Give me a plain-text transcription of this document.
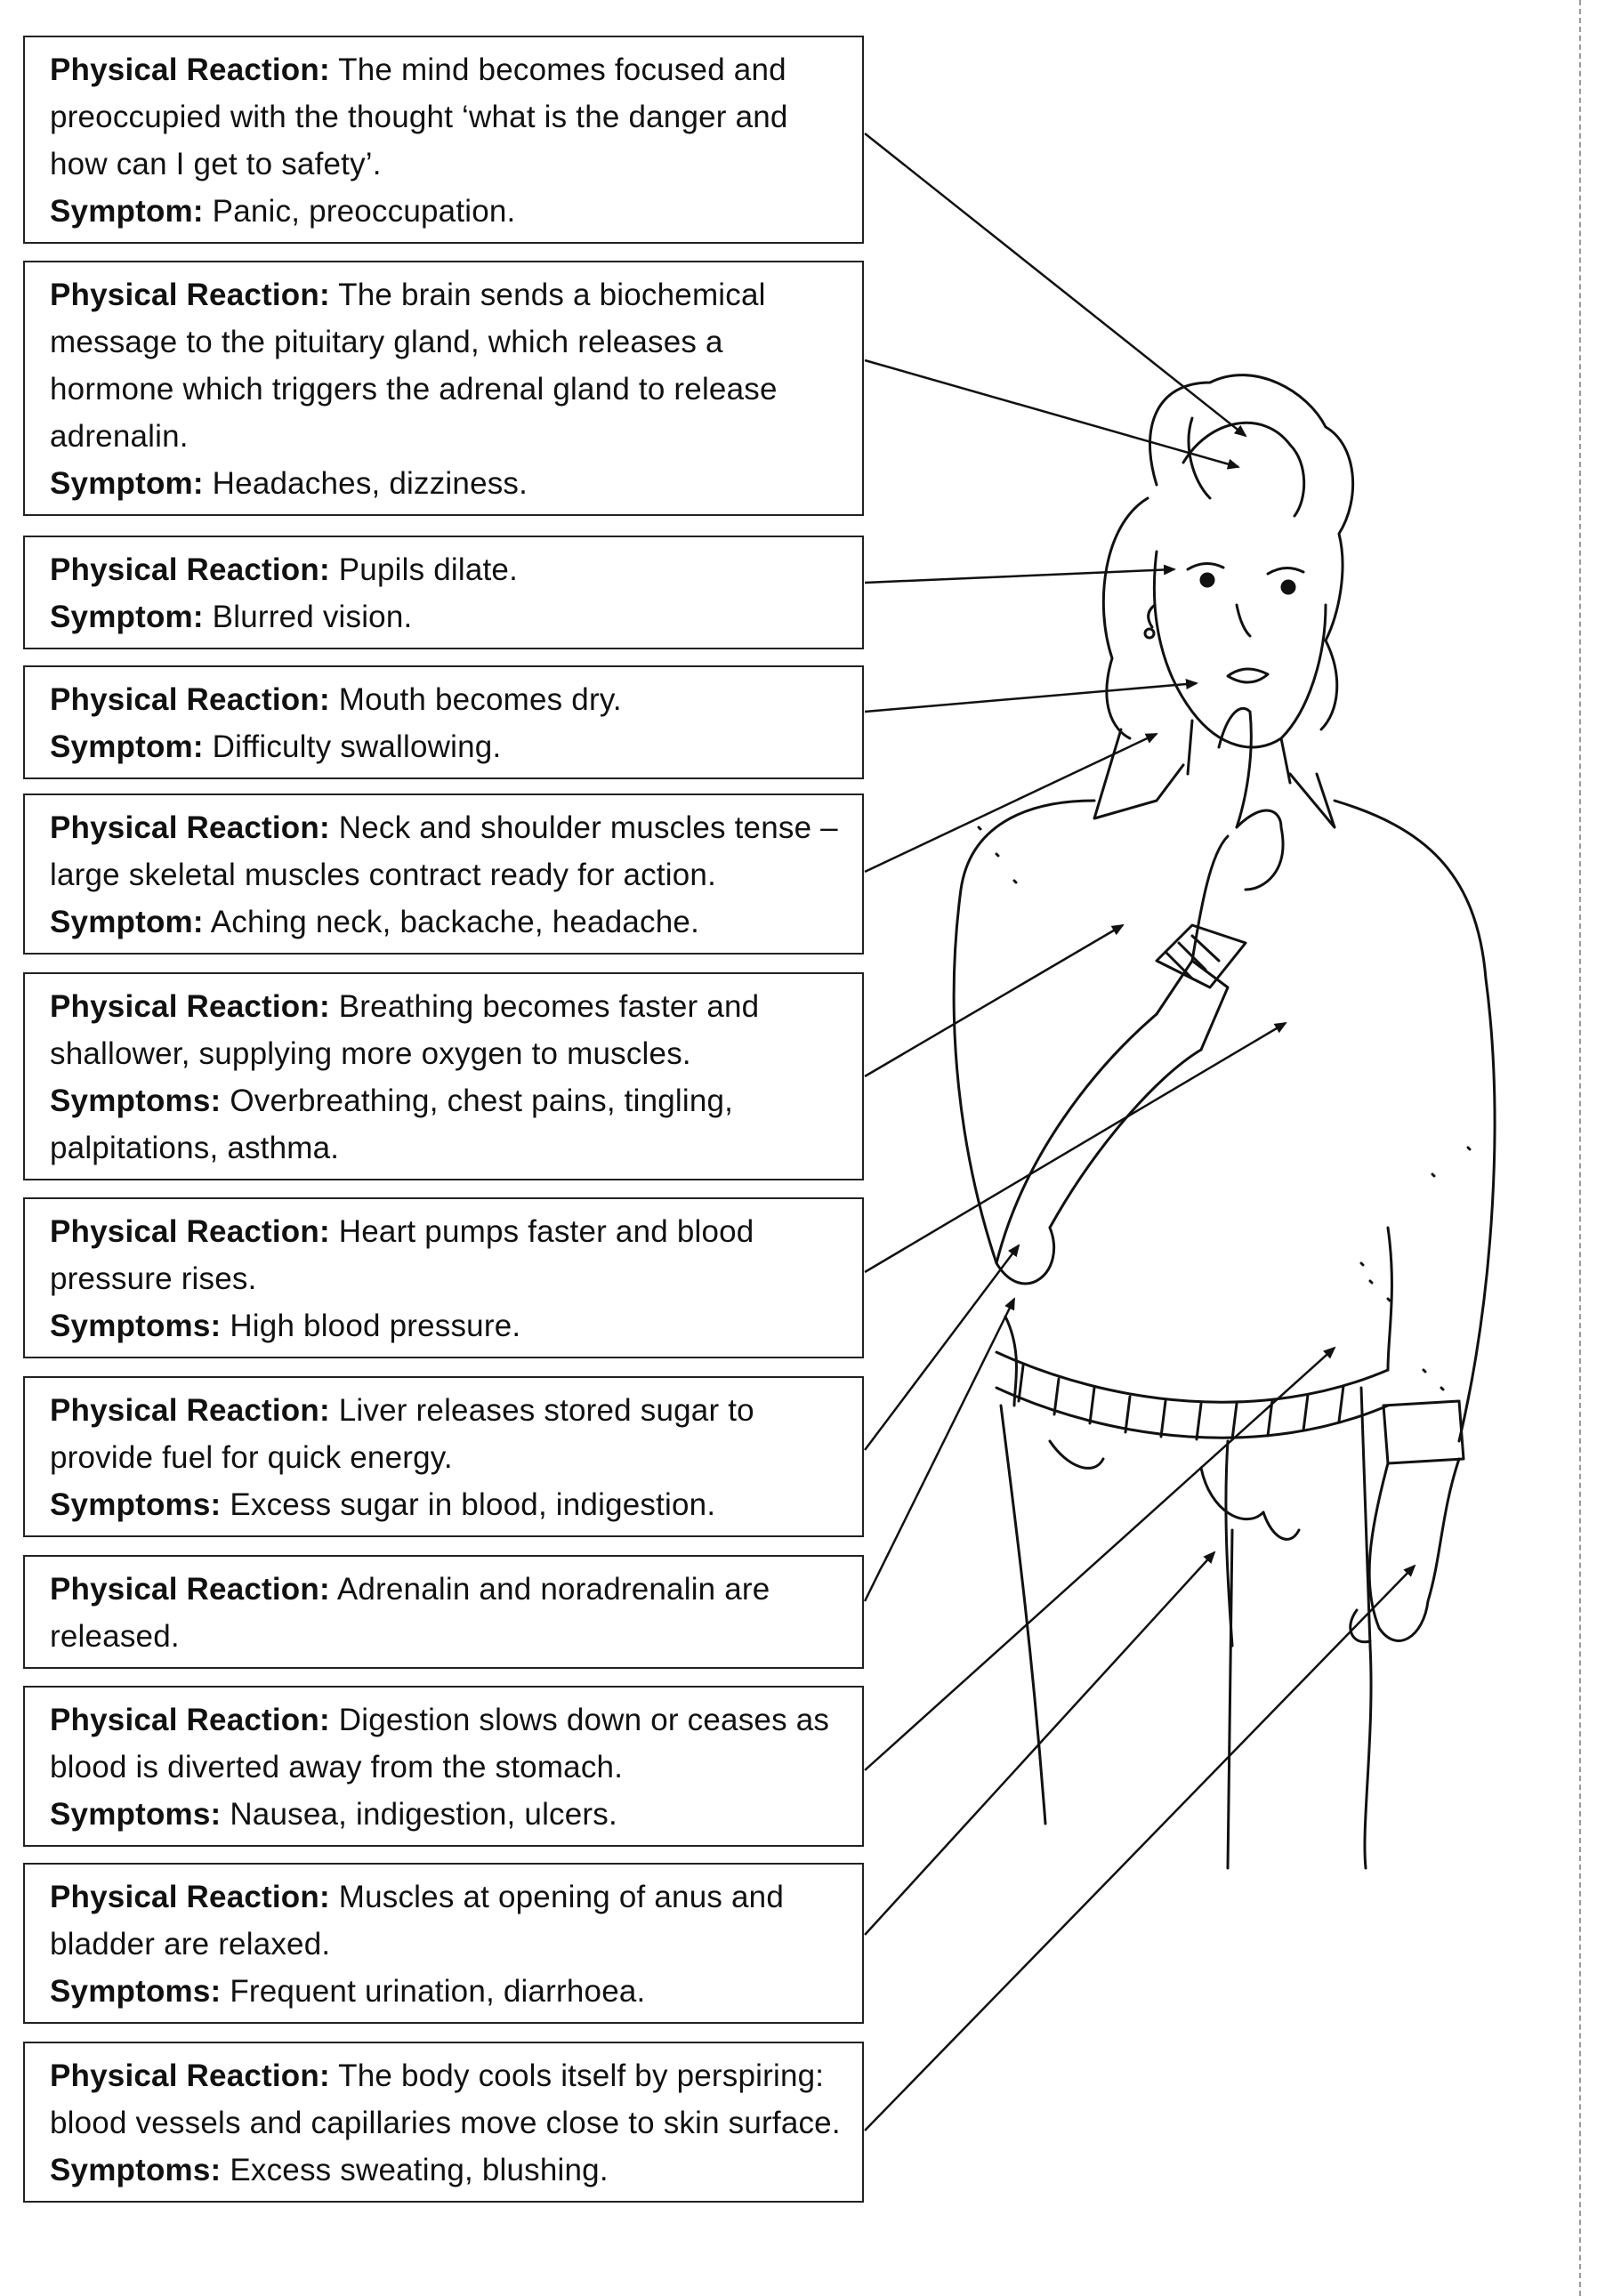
Physical Reaction: The mind becomes focused and preoccupied with the thought ‘what is the danger and how can I get to safety’.

Symptom: Panic, preoccupation.

Physical Reaction: The brain sends a biochemical message to the pituitary gland, which releases a hormone which triggers the adrenal gland to release adrenalin.

Symptom: Headaches, dizziness.

Physical Reaction: Pupils dilate.

Symptom: Blurred vision.

Physical Reaction: Mouth becomes dry.

Symptom: Difficulty swallowing.

Physical Reaction: Neck and shoulder muscles tense – large skeletal muscles contract ready for action.

Symptom: Aching neck, backache, headache.

Physical Reaction: Breathing becomes faster and shallower, supplying more oxygen to muscles.

Symptoms: Overbreathing, chest pains, tingling, palpitations, asthma.

Physical Reaction: Heart pumps faster and blood pressure rises.

Symptoms: High blood pressure.

Physical Reaction: Liver releases stored sugar to provide fuel for quick energy.

Symptoms: Excess sugar in blood, indigestion.

Physical Reaction: Adrenalin and noradrenalin are released.

Physical Reaction: Digestion slows down or ceases as blood is diverted away from the stomach.

Symptoms: Nausea, indigestion, ulcers.

Physical Reaction: Muscles at opening of anus and bladder are relaxed.

Symptoms: Frequent urination, diarrhoea.

Physical Reaction: The body cools itself by perspiring: blood vessels and capillaries move close to skin surface.

Symptoms: Excess sweating, blushing.
